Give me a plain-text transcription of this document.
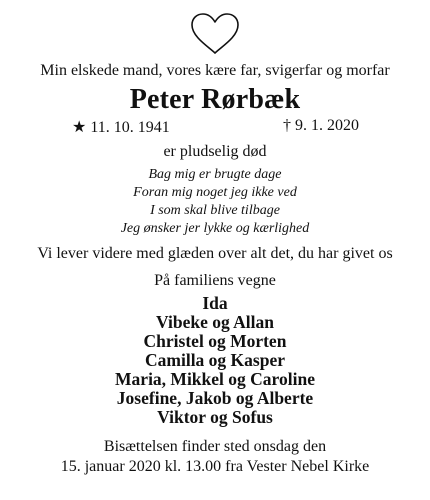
Min elskede mand, vores kære far, svigerfar og morfar
Peter Rørbæk
★ 11. 10. 1941	† 9. 1. 2020
er pludselig død
Bag mig er brugte dage
Foran mig noget jeg ikke ved
I som skal blive tilbage
Jeg ønsker jer lykke og kærlighed
Vi lever videre med glæden over alt det, du har givet os
På familiens vegne
Ida
Vibeke og Allan
Christel og Morten
Camilla og Kasper
Maria, Mikkel og Caroline
Josefine, Jakob og Alberte
Viktor og Sofus
Bisættelsen finder sted onsdag den
15. januar 2020 kl. 13.00 fra Vester Nebel Kirke
